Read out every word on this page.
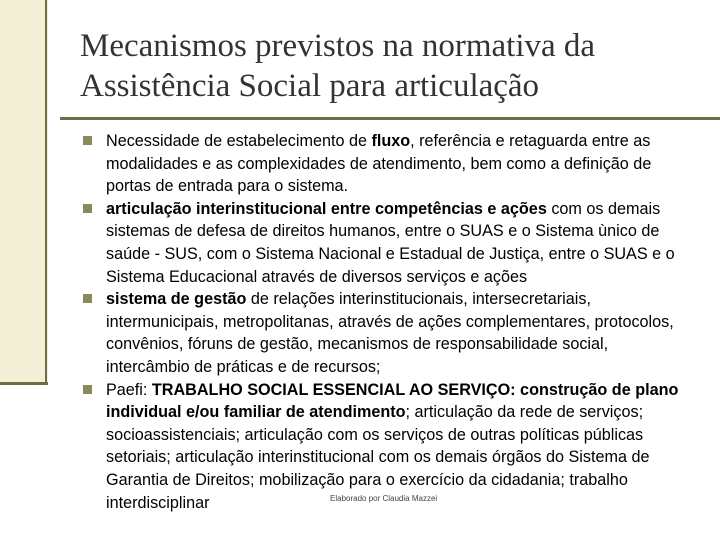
Mecanismos previstos na normativa da
Assistência Social para articulação
Necessidade de estabelecimento de fluxo, referência e retaguarda entre as modalidades e as complexidades de atendimento, bem como a definição de portas de entrada para o sistema.
articulação interinstitucional entre competências e ações com os demais sistemas de defesa de direitos humanos, entre o SUAS e o Sistema ùnico de saúde - SUS, com o Sistema Nacional e Estadual de Justiça, entre o SUAS e o Sistema Educacional através de diversos serviços e ações
sistema de gestão de relações interinstitucionais, intersecretariais, intermunicipais, metropolitanas, através de ações complementares, protocolos, convênios, fóruns de gestão, mecanismos de responsabilidade social, intercâmbio de práticas e de recursos;
Paefi: TRABALHO SOCIAL ESSENCIAL AO SERVIÇO: construção de plano individual e/ou familiar de atendimento; articulação da rede de serviços; socioassistenciais; articulação com os serviços de outras políticas públicas setoriais; articulação interinstitucional com os demais órgãos do Sistema de Garantia de Direitos; mobilização para o exercício da cidadania; trabalho interdisciplinar	Elaborado por Claudia Mazzei
